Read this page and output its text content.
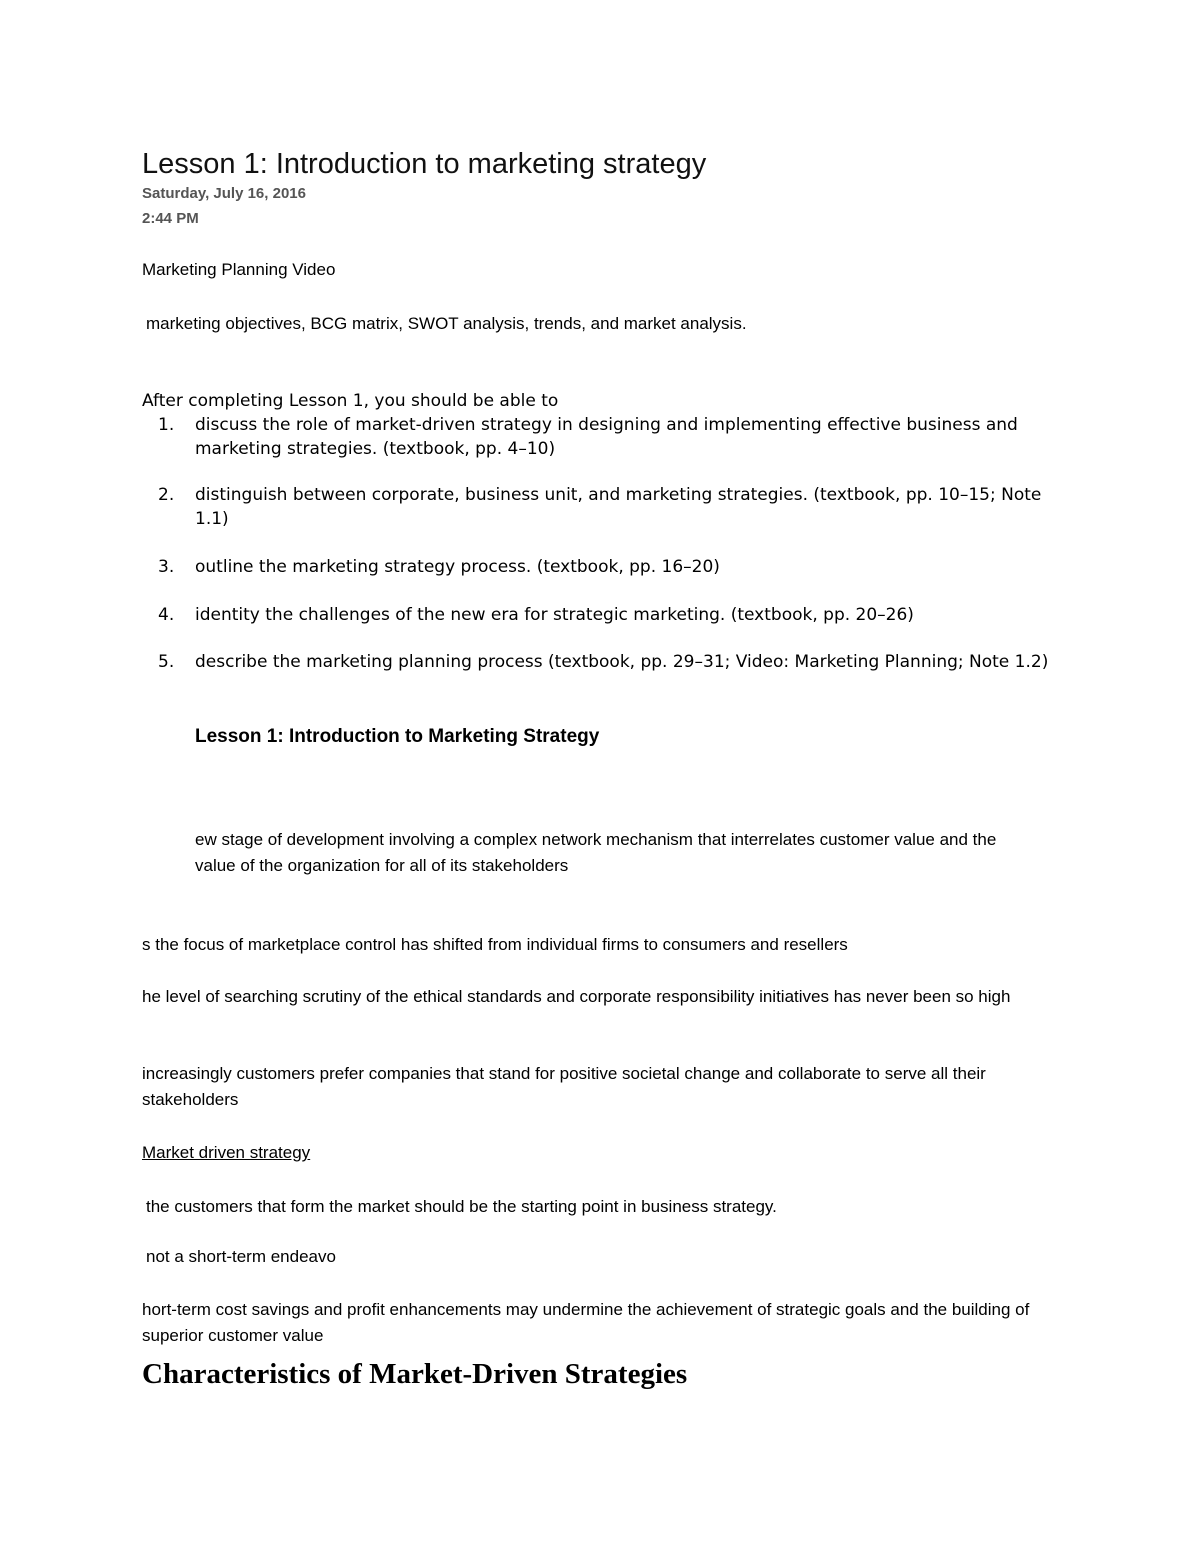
Lesson 1: Introduction to marketing strategy
Saturday, July 16, 2016
2:44 PM
Marketing Planning Video
marketing objectives, BCG matrix, SWOT analysis, trends, and market analysis.
After completing Lesson 1, you should be able to
1.	discuss the role of market-driven strategy in designing and implementing effective business and marketing strategies. (textbook, pp. 4–10)
2.	distinguish between corporate, business unit, and marketing strategies. (textbook, pp. 10–15; Note 1.1)
3.	outline the marketing strategy process. (textbook, pp. 16–20)
4.	identity the challenges of the new era for strategic marketing. (textbook, pp. 20–26)
5.	describe the marketing planning process (textbook, pp. 29–31; Video: Marketing Planning; Note 1.2)
Lesson 1: Introduction to Marketing Strategy

ew stage of development involving a complex network mechanism that interrelates customer value and the value of the organization for all of its stakeholders

s the focus of marketplace control has shifted from individual firms to consumers and resellers

he level of searching scrutiny of the ethical standards and corporate responsibility initiatives has never been so high

increasingly customers prefer companies that stand for positive societal change and collaborate to serve all their stakeholders

Market driven strategy

the customers that form the market should be the starting point in business strategy.

not a short-term endeavo

hort-term cost savings and profit enhancements may undermine the achievement of strategic goals and the building of superior customer value

Characteristics of Market-Driven Strategies
